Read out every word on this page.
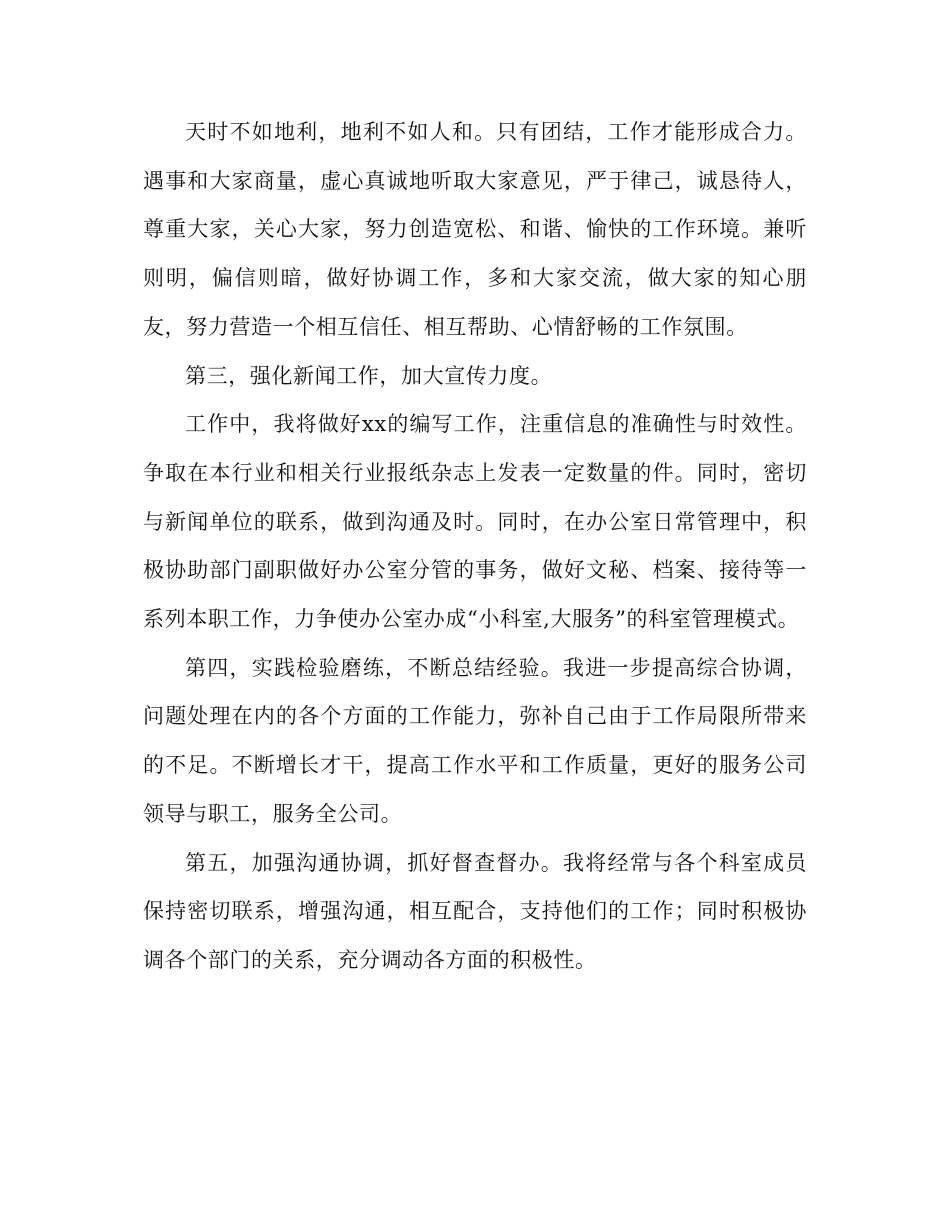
天时不如地利，地利不如人和。只有团结，工作才能形成合力。遇事和大家商量，虚心真诚地听取大家意见，严于律己，诚恳待人，尊重大家，关心大家，努力创造宽松、和谐、愉快的工作环境。兼听则明，偏信则暗，做好协调工作，多和大家交流，做大家的知心朋友，努力营造一个相互信任、相互帮助、心情舒畅的工作氛围。

第三，强化新闻工作，加大宣传力度。

工作中，我将做好xx的编写工作，注重信息的准确性与时效性。争取在本行业和相关行业报纸杂志上发表一定数量的件。同时，密切与新闻单位的联系，做到沟通及时。同时，在办公室日常管理中，积极协助部门副职做好办公室分管的事务，做好文秘、档案、接待等一系列本职工作，力争使办公室办成“小科室,大服务”的科室管理模式。

第四，实践检验磨练，不断总结经验。我进一步提高综合协调，问题处理在内的各个方面的工作能力，弥补自己由于工作局限所带来的不足。不断增长才干，提高工作水平和工作质量，更好的服务公司领导与职工，服务全公司。

第五，加强沟通协调，抓好督查督办。我将经常与各个科室成员保持密切联系，增强沟通，相互配合，支持他们的工作；同时积极协调各个部门的关系，充分调动各方面的积极性。
